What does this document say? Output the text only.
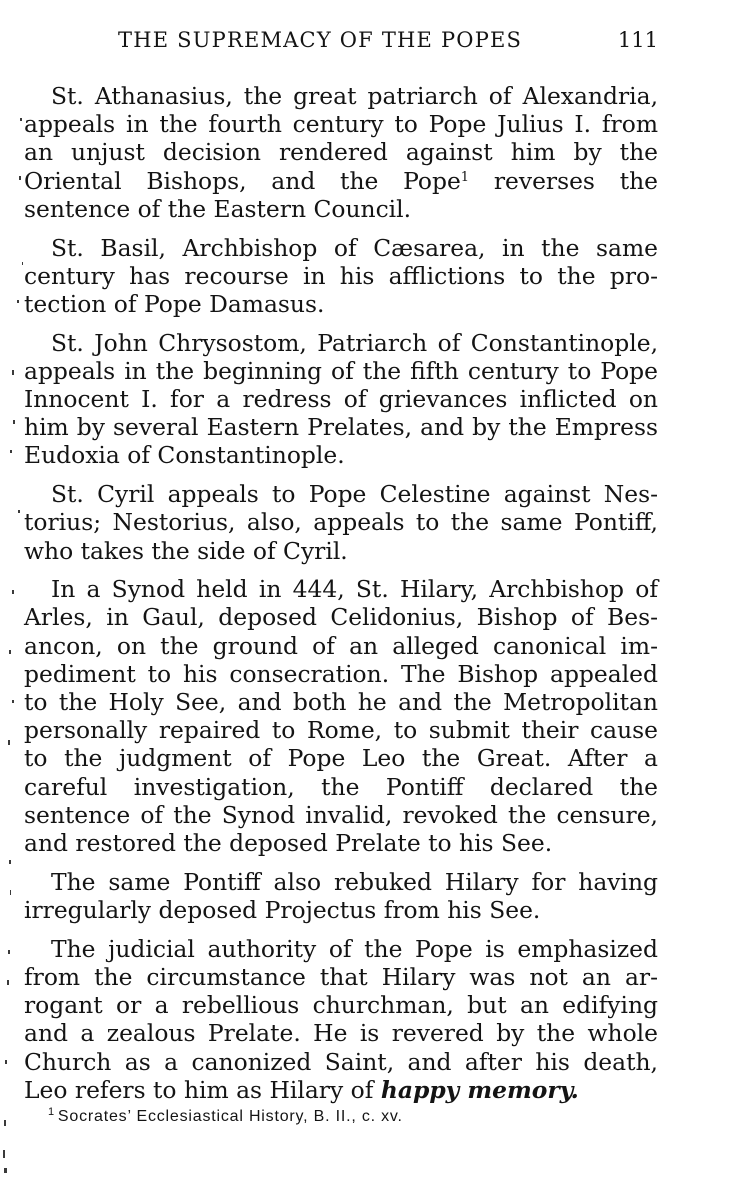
THE SUPREMACY OF THE POPES	111

St. Athanasius, the great patriarch of Alexandria, appeals in the fourth century to Pope Julius I. from an unjust decision rendered against him by the Oriental Bishops, and the Pope$^1$ reverses the sentence of the Eastern Council.

St. Basil, Archbishop of Cæsarea, in the same century has recourse in his afflictions to the protection of Pope Damasus.

St. John Chrysostom, Patriarch of Constantinople, appeals in the beginning of the fifth century to Pope Innocent I. for a redress of grievances inflicted on him by several Eastern Prelates, and by the Empress Eudoxia of Constantinople.

St. Cyril appeals to Pope Celestine against Nestorius; Nestorius, also, appeals to the same Pontiff, who takes the side of Cyril.

In a Synod held in 444, St. Hilary, Archbishop of Arles, in Gaul, deposed Celidonius, Bishop of Besancon, on the ground of an alleged canonical impediment to his consecration. The Bishop appealed to the Holy See, and both he and the Metropolitan personally repaired to Rome, to submit their cause to the judgment of Pope Leo the Great. After a careful investigation, the Pontiff declared the sentence of the Synod invalid, revoked the censure, and restored the deposed Prelate to his See.

The same Pontiff also rebuked Hilary for having irregularly deposed Projectus from his See.

The judicial authority of the Pope is emphasized from the circumstance that Hilary was not an arrogant or a rebellious churchman, but an edifying and a zealous Prelate. He is revered by the whole Church as a canonized Saint, and after his death, Leo refers to him as Hilary of happy memory.

$^1$ Socrates’ Ecclesiastical History, B. II., c. xv.
